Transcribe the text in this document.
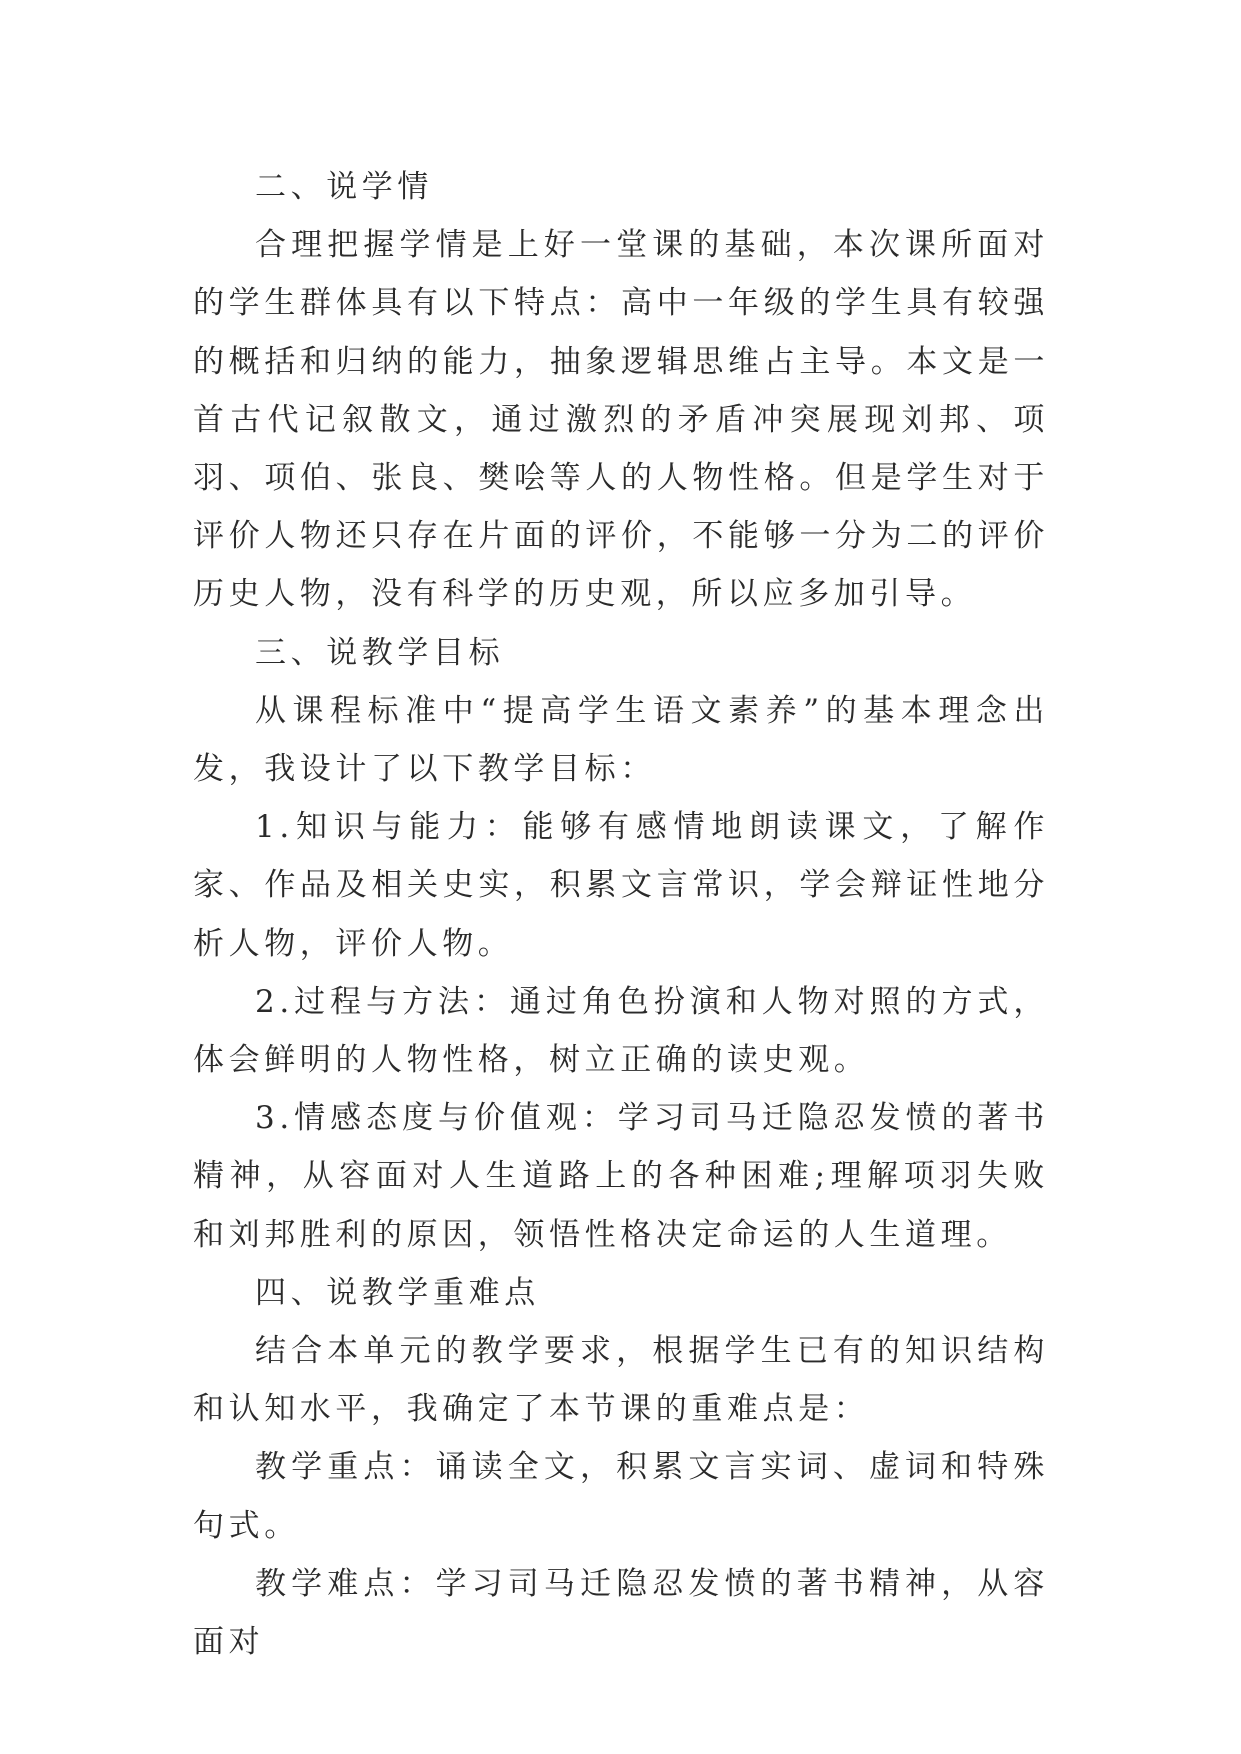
二、说学情

合理把握学情是上好一堂课的基础，本次课所面对的学生群体具有以下特点：高中一年级的学生具有较强的概括和归纳的能力，抽象逻辑思维占主导。本文是一首古代记叙散文，通过激烈的矛盾冲突展现刘邦、项羽、项伯、张良、樊哙等人的人物性格。但是学生对于评价人物还只存在片面的评价，不能够一分为二的评价历史人物，没有科学的历史观，所以应多加引导。

三、说教学目标

从课程标准中“提高学生语文素养”的基本理念出发，我设计了以下教学目标：

1.知识与能力：能够有感情地朗读课文，了解作家、作品及相关史实，积累文言常识，学会辩证性地分析人物，评价人物。

2.过程与方法：通过角色扮演和人物对照的方式，体会鲜明的人物性格，树立正确的读史观。

3.情感态度与价值观：学习司马迁隐忍发愤的著书精神，从容面对人生道路上的各种困难;理解项羽失败和刘邦胜利的原因，领悟性格决定命运的人生道理。

四、说教学重难点

结合本单元的教学要求，根据学生已有的知识结构和认知水平，我确定了本节课的重难点是：

教学重点：诵读全文，积累文言实词、虚词和特殊句式。

教学难点：学习司马迁隐忍发愤的著书精神，从容面对
